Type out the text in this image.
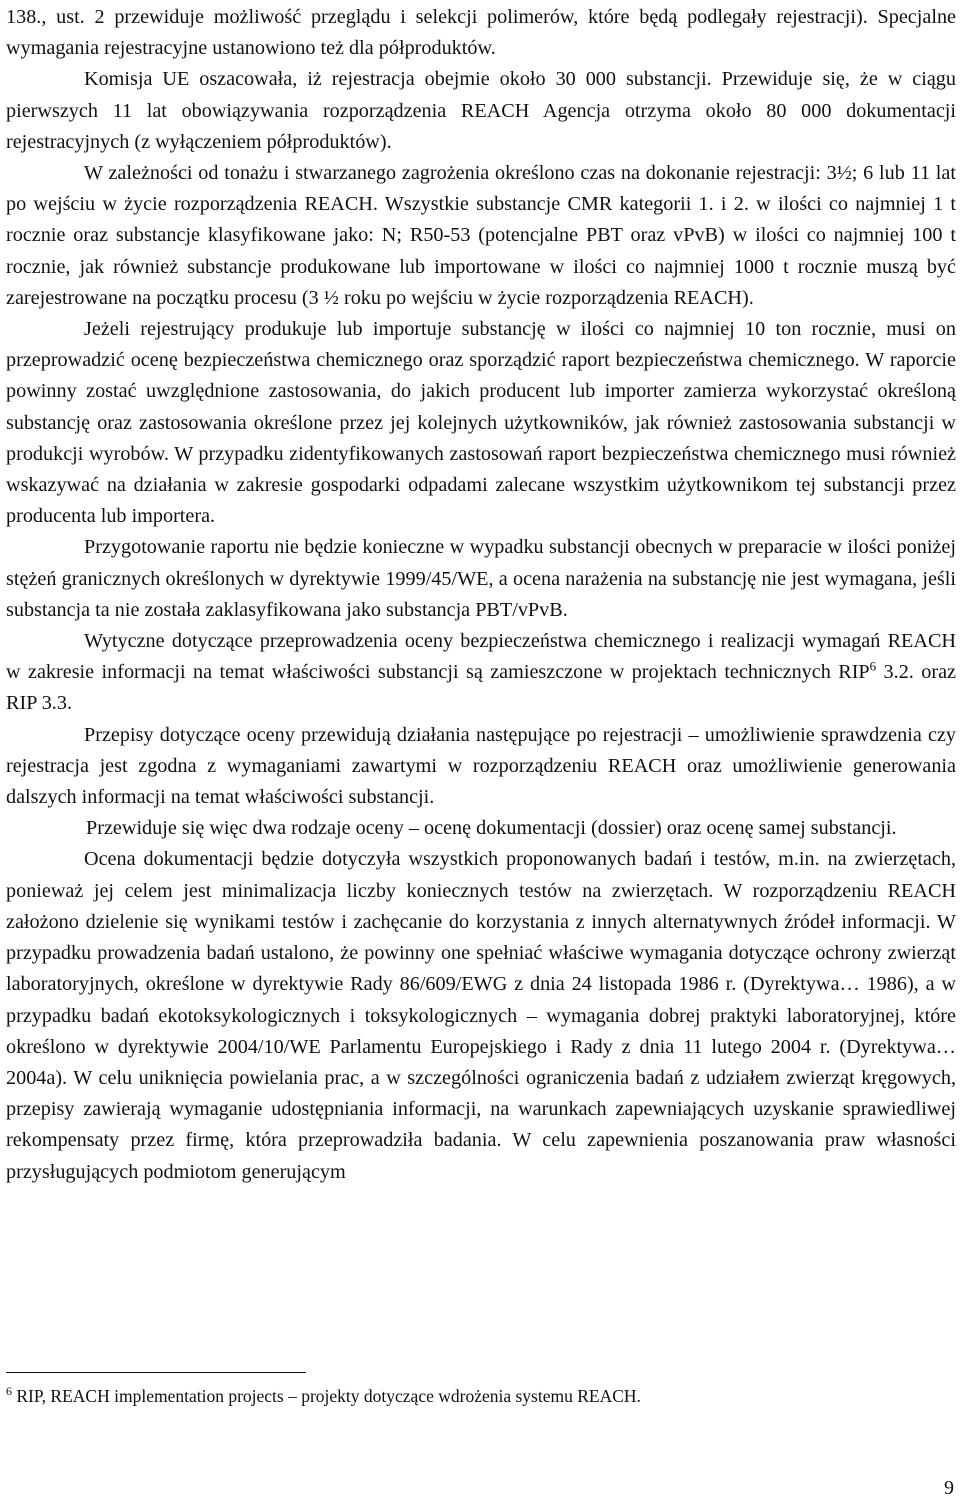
138., ust. 2 przewiduje możliwość przeglądu i selekcji polimerów, które będą podlegały rejestracji). Specjalne wymagania rejestracyjne ustanowiono też dla półproduktów.

Komisja UE oszacowała, iż rejestracja obejmie około 30 000 substancji. Przewiduje się, że w ciągu pierwszych 11 lat obowiązywania rozporządzenia REACH Agencja otrzyma około 80 000 dokumentacji rejestracyjnych (z wyłączeniem półproduktów).

W zależności od tonażu i stwarzanego zagrożenia określono czas na dokonanie rejestracji: 3½; 6 lub 11 lat po wejściu w życie rozporządzenia REACH. Wszystkie substancje CMR kategorii 1. i 2. w ilości co najmniej 1 t rocznie oraz substancje klasyfikowane jako: N; R50-53 (potencjalne PBT oraz vPvB) w ilości co najmniej 100 t rocznie, jak również substancje produkowane lub importowane w ilości co najmniej 1000 t rocznie muszą być zarejestrowane na początku procesu (3 ½ roku po wejściu w życie rozporządzenia REACH).

Jeżeli rejestrujący produkuje lub importuje substancję w ilości co najmniej 10 ton rocznie, musi on przeprowadzić ocenę bezpieczeństwa chemicznego oraz sporządzić raport bezpieczeństwa chemicznego. W raporcie powinny zostać uwzględnione zastosowania, do jakich producent lub importer zamierza wykorzystać określoną substancję oraz zastosowania określone przez jej kolejnych użytkowników, jak również zastosowania substancji w produkcji wyrobów. W przypadku zidentyfikowanych zastosowań raport bezpieczeństwa chemicznego musi również wskazywać na działania w zakresie gospodarki odpadami zalecane wszystkim użytkownikom tej substancji przez producenta lub importera.

Przygotowanie raportu nie będzie konieczne w wypadku substancji obecnych w preparacie w ilości poniżej stężeń granicznych określonych w dyrektywie 1999/45/WE, a ocena narażenia na substancję nie jest wymagana, jeśli substancja ta nie została zaklasyfikowana jako substancja PBT/vPvB.

Wytyczne dotyczące przeprowadzenia oceny bezpieczeństwa chemicznego i realizacji wymagań REACH w zakresie informacji na temat właściwości substancji są zamieszczone w projektach technicznych RIP$^6$ 3.2. oraz RIP 3.3.

Przepisy dotyczące oceny przewidują działania następujące po rejestracji – umożliwienie sprawdzenia czy rejestracja jest zgodna z wymaganiami zawartymi w rozporządzeniu REACH oraz umożliwienie generowania dalszych informacji na temat właściwości substancji.

Przewiduje się więc dwa rodzaje oceny – ocenę dokumentacji (dossier) oraz ocenę samej substancji.

Ocena dokumentacji będzie dotyczyła wszystkich proponowanych badań i testów, m.in. na zwierzętach, ponieważ jej celem jest minimalizacja liczby koniecznych testów na zwierzętach. W rozporządzeniu REACH założono dzielenie się wynikami testów i zachęcanie do korzystania z innych alternatywnych źródeł informacji. W przypadku prowadzenia badań ustalono, że powinny one spełniać właściwe wymagania dotyczące ochrony zwierząt laboratoryjnych, określone w dyrektywie Rady 86/609/EWG z dnia 24 listopada 1986 r. (Dyrektywa… 1986), a w przypadku badań ekotoksykologicznych i toksykologicznych – wymagania dobrej praktyki laboratoryjnej, które określono w dyrektywie 2004/10/WE Parlamentu Europejskiego i Rady z dnia 11 lutego 2004 r. (Dyrektywa… 2004a). W celu uniknięcia powielania prac, a w szczególności ograniczenia badań z udziałem zwierząt kręgowych, przepisy zawierają wymaganie udostępniania informacji, na warunkach zapewniających uzyskanie sprawiedliwej rekompensaty przez firmę, która przeprowadziła badania. W celu zapewnienia poszanowania praw własności przysługujących podmiotom generującym

$^6$ RIP, REACH implementation projects – projekty dotyczące wdrożenia systemu REACH.
9
